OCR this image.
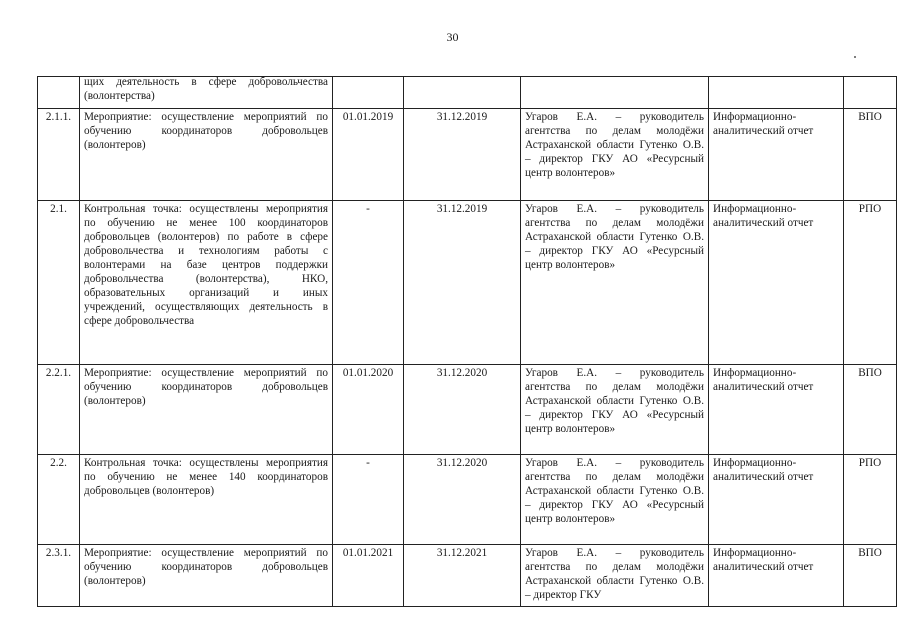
30

	щих деятельность в сфере добровольчества (волонтерства)					

2.1.1.	Мероприятие: осуществление мероприятий по обучению координаторов добровольцев (волонтеров)	01.01.2019	31.12.2019	Угаров Е.А. – руководитель агентства по делам молодёжи Астраханской области Гутенко О.В. – директор ГКУ АО «Ресурсный центр волонтеров»	Информационно-аналитический отчет	ВПО
2.1.	Контрольная точка: осуществлены мероприятия по обучению не менее 100 координаторов добровольцев (волонтеров) по работе в сфере добровольчества и технологиям работы с волонтерами на базе центров поддержки добровольчества (волонтерства), НКО, образовательных организаций и иных учреждений, осуществляющих деятельность в сфере добровольчества	-	31.12.2019	Угаров Е.А. – руководитель агентства по делам молодёжи Астраханской области Гутенко О.В. – директор ГКУ АО «Ресурсный центр волонтеров»	Информационно-аналитический отчет	РПО
2.2.1.	Мероприятие: осуществление мероприятий по обучению координаторов добровольцев (волонтеров)	01.01.2020	31.12.2020	Угаров Е.А. – руководитель агентства по делам молодёжи Астраханской области Гутенко О.В. – директор ГКУ АО «Ресурсный центр волонтеров»	Информационно-аналитический отчет	ВПО
2.2.	Контрольная точка: осуществлены мероприятия по обучению не менее 140 координаторов добровольцев (волонтеров)	-	31.12.2020	Угаров Е.А. – руководитель агентства по делам молодёжи Астраханской области Гутенко О.В. – директор ГКУ АО «Ресурсный центр волонтеров»	Информационно-аналитический отчет	РПО
2.3.1.	Мероприятие: осуществление мероприятий по обучению координаторов добровольцев (волонтеров)	01.01.2021	31.12.2021	Угаров Е.А. – руководитель агентства по делам молодёжи Астраханской области Гутенко О.В. – директор ГКУ	Информационно-аналитический отчет	ВПО
